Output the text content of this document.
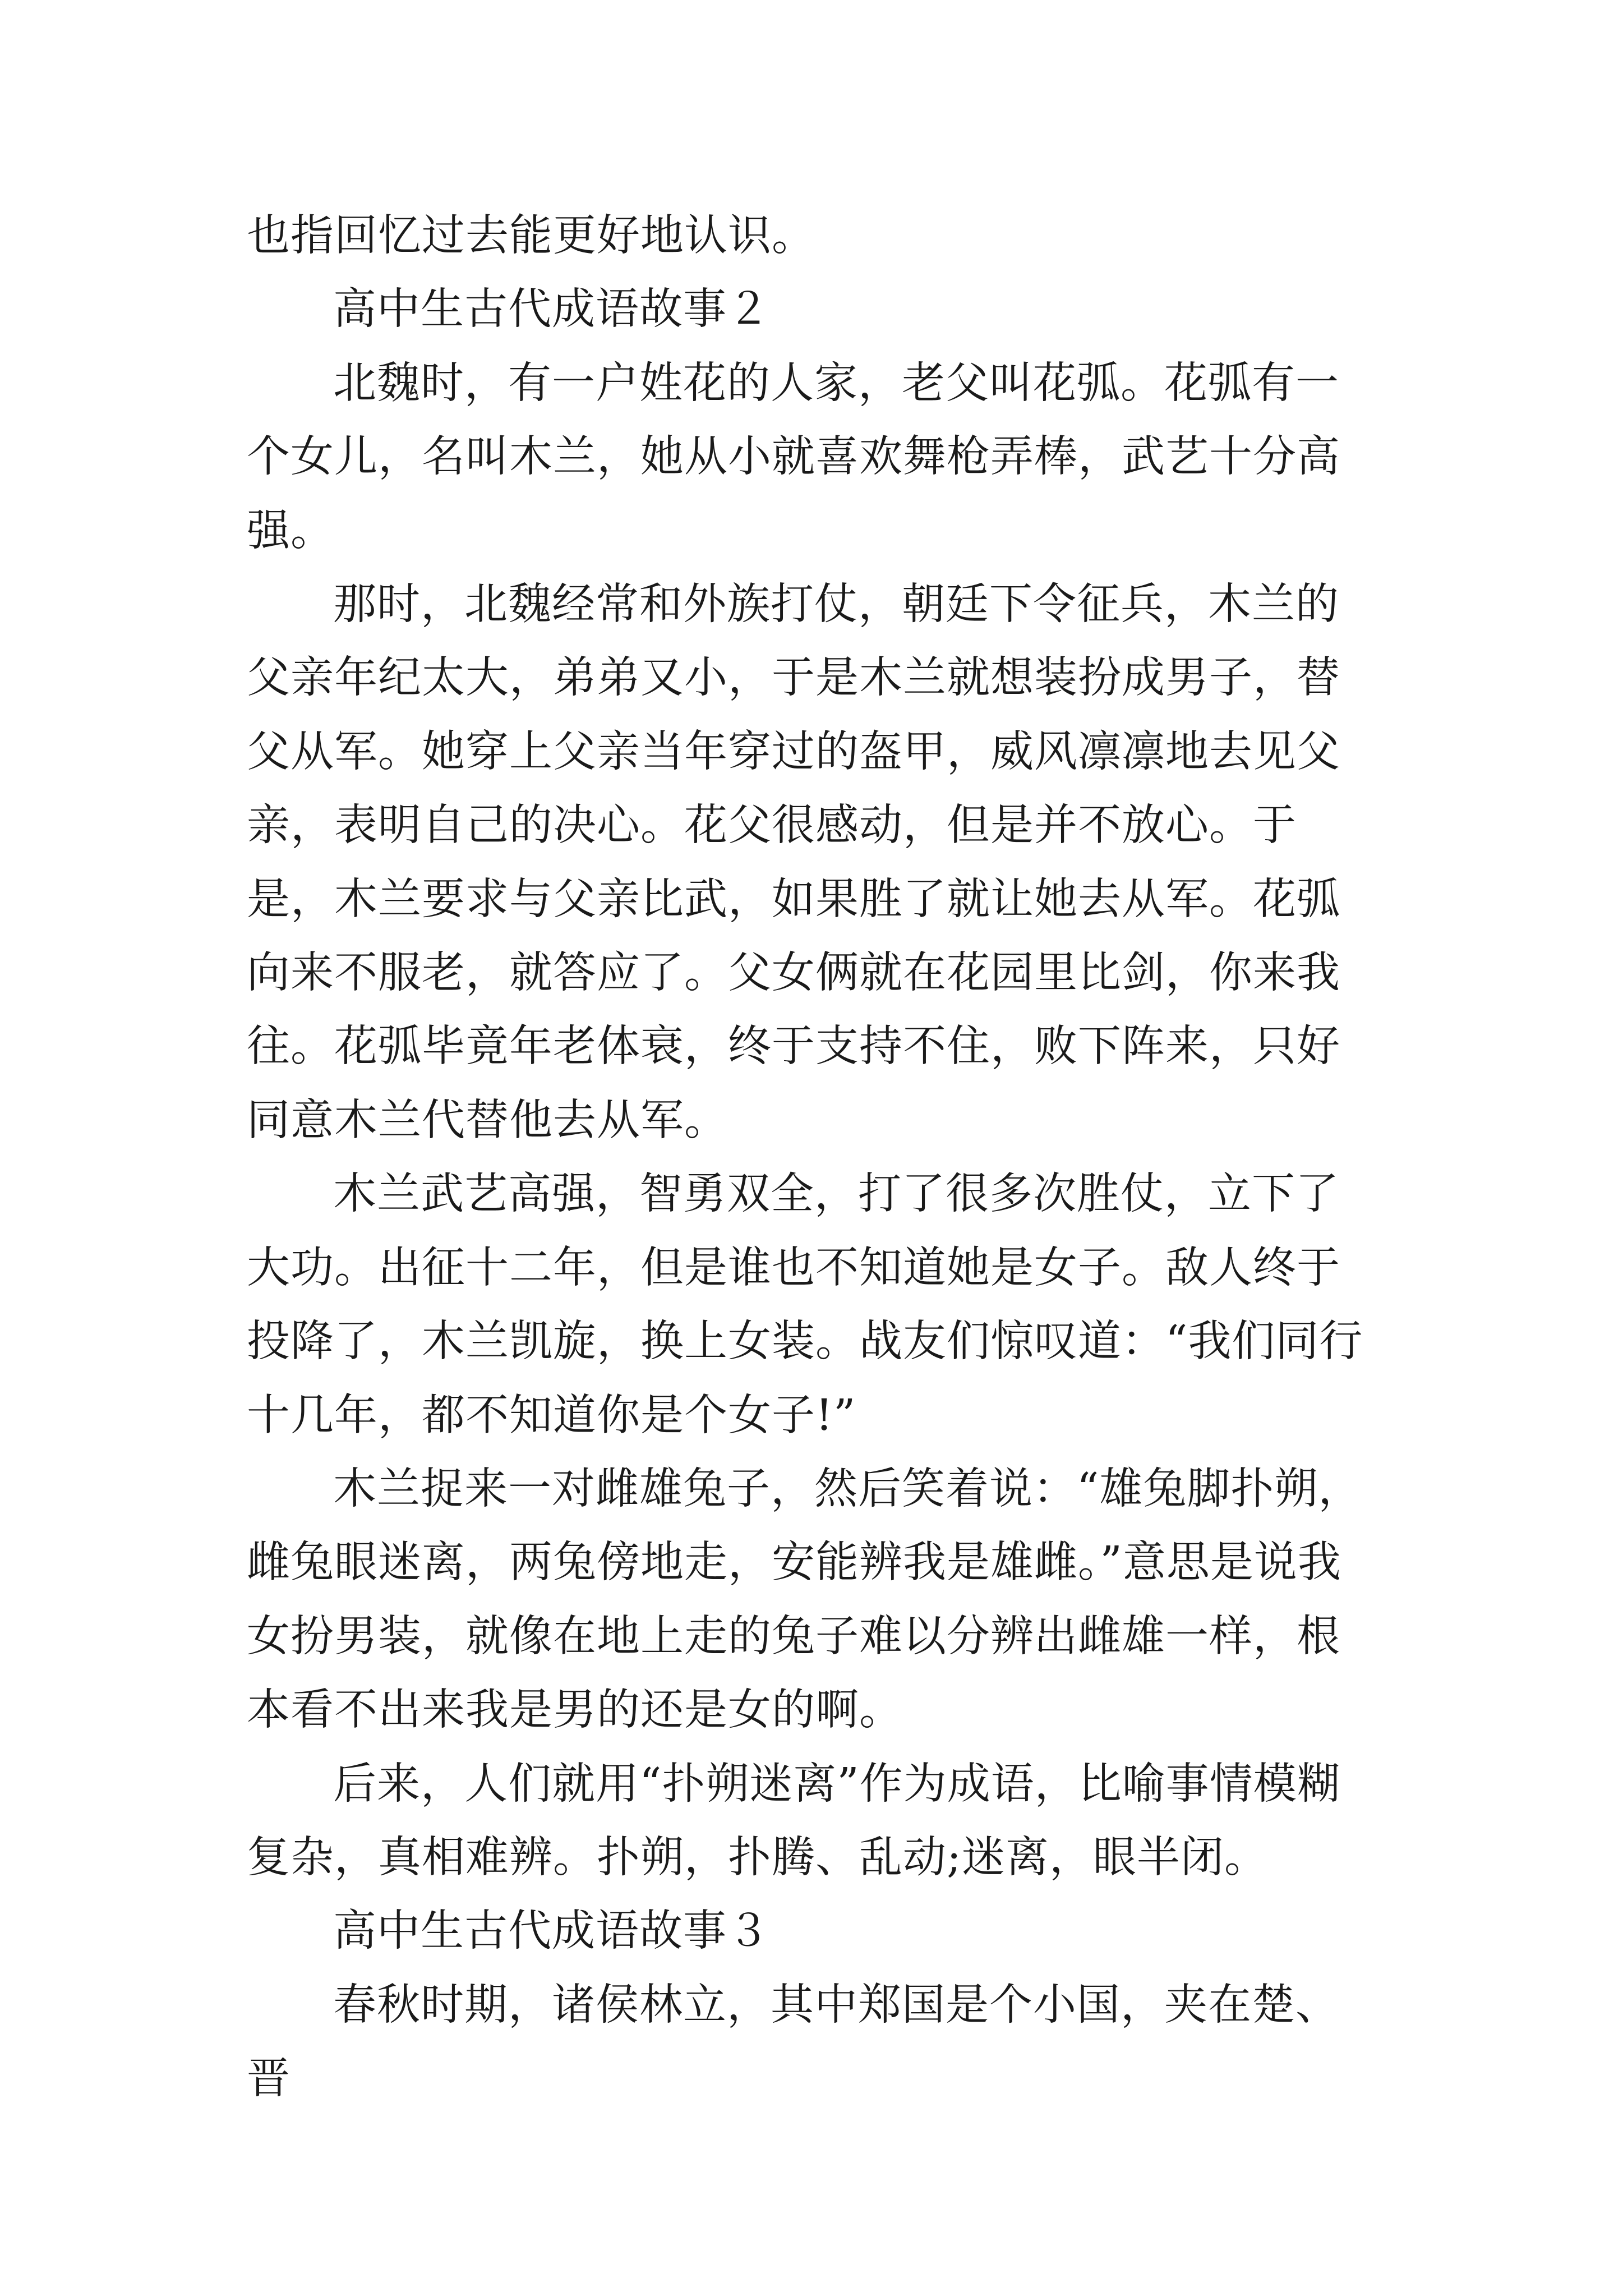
也指回忆过去能更好地认识。

高中生古代成语故事２

北魏时，有一户姓花的人家，老父叫花弧。花弧有一个女儿，名叫木兰，她从小就喜欢舞枪弄棒，武艺十分高强。

那时，北魏经常和外族打仗，朝廷下令征兵，木兰的父亲年纪太大，弟弟又小，于是木兰就想装扮成男子，替父从军。她穿上父亲当年穿过的盔甲，威风凛凛地去见父亲，表明自己的决心。花父很感动，但是并不放心。于是，木兰要求与父亲比武，如果胜了就让她去从军。花弧向来不服老，就答应了。父女俩就在花园里比剑，你来我往。花弧毕竟年老体衰，终于支持不住，败下阵来，只好同意木兰代替他去从军。

木兰武艺高强，智勇双全，打了很多次胜仗，立下了大功。出征十二年，但是谁也不知道她是女子。敌人终于投降了，木兰凯旋，换上女装。战友们惊叹道：“我们同行十几年，都不知道你是个女子!”

木兰捉来一对雌雄兔子，然后笑着说：“雄兔脚扑朔，雌兔眼迷离，两兔傍地走，安能辨我是雄雌。”意思是说我女扮男装，就像在地上走的兔子难以分辨出雌雄一样，根本看不出来我是男的还是女的啊。

后来，人们就用“扑朔迷离”作为成语，比喻事情模糊复杂，真相难辨。扑朔，扑腾、乱动;迷离，眼半闭。

高中生古代成语故事３

春秋时期，诸侯林立，其中郑国是个小国，夹在楚、晋
